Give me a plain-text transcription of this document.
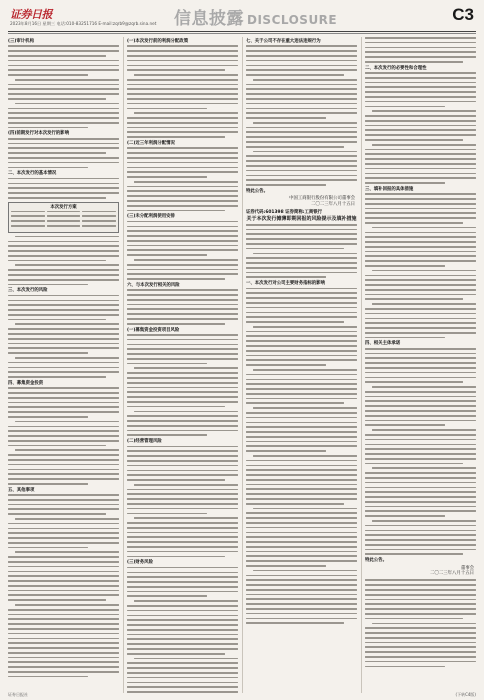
证券日报
2023年8月16日 星期三 电话:010-83251716 E-mail:zqrb9@zqrb.sina.net 信息披露 DISCLOSURE	C3
(三)审计机构
(四)前期发行对本次发行的影响
二、本次发行的基本情况
本次发行方案
三、本次发行的风险
四、募集资金投资
五、其他事项
(一)本次发行前的利润分配政策
(二)近三年利润分配情况
(三)未分配利润使用安排
六、与本次发行相关的风险
(一)募集资金投资项目风险
(二)经营管理风险
(三)财务风险
七、关于公司不存在重大违法违规行为
特此公告。
中国工商银行股份有限公司董事会
二〇二三年八月十五日
证券代码:601398 证券简称:工商银行
关于本次发行摊薄即期回报的风险提示及填补措施
一、本次发行对公司主要财务指标的影响
二、本次发行的必要性和合理性
三、填补回报的具体措施
四、相关主体承诺
特此公告。
董事会
二〇二三年八月十五日
证券日报社	(下转C4版)
